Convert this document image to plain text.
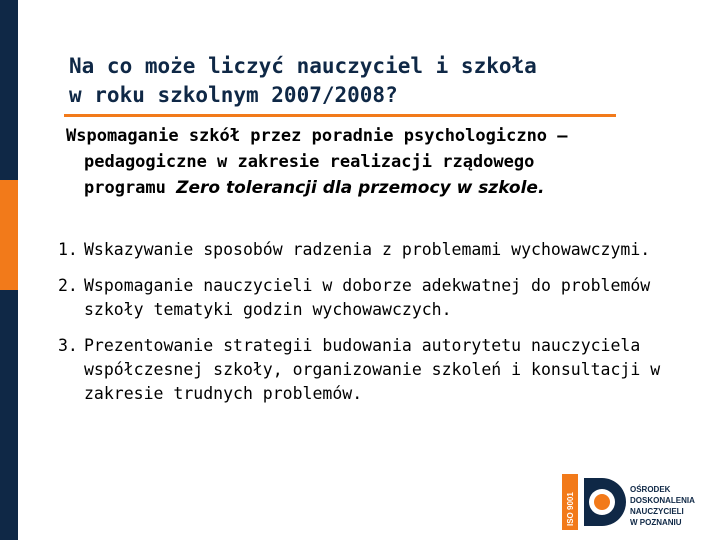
Na co może liczyć nauczyciel i szkoła
w roku szkolnym 2007/2008?
Wspomaganie szkół przez poradnie psychologiczno –
pedagogiczne w zakresie realizacji rządowego
programu Zero tolerancji dla przemocy w szkole.
1. Wskazywanie sposobów radzenia z problemami wychowawczymi.
2. Wspomaganie nauczycieli w doborze adekwatnej do problemów szkoły tematyki godzin wychowawczych.
3. Prezentowanie strategii budowania autorytetu nauczyciela współczesnej szkoły, organizowanie szkoleń i konsultacji w zakresie trudnych problemów.
ISO 9001
OŚRODEK
DOSKONALENIA
NAUCZYCIELI
W POZNANIU
